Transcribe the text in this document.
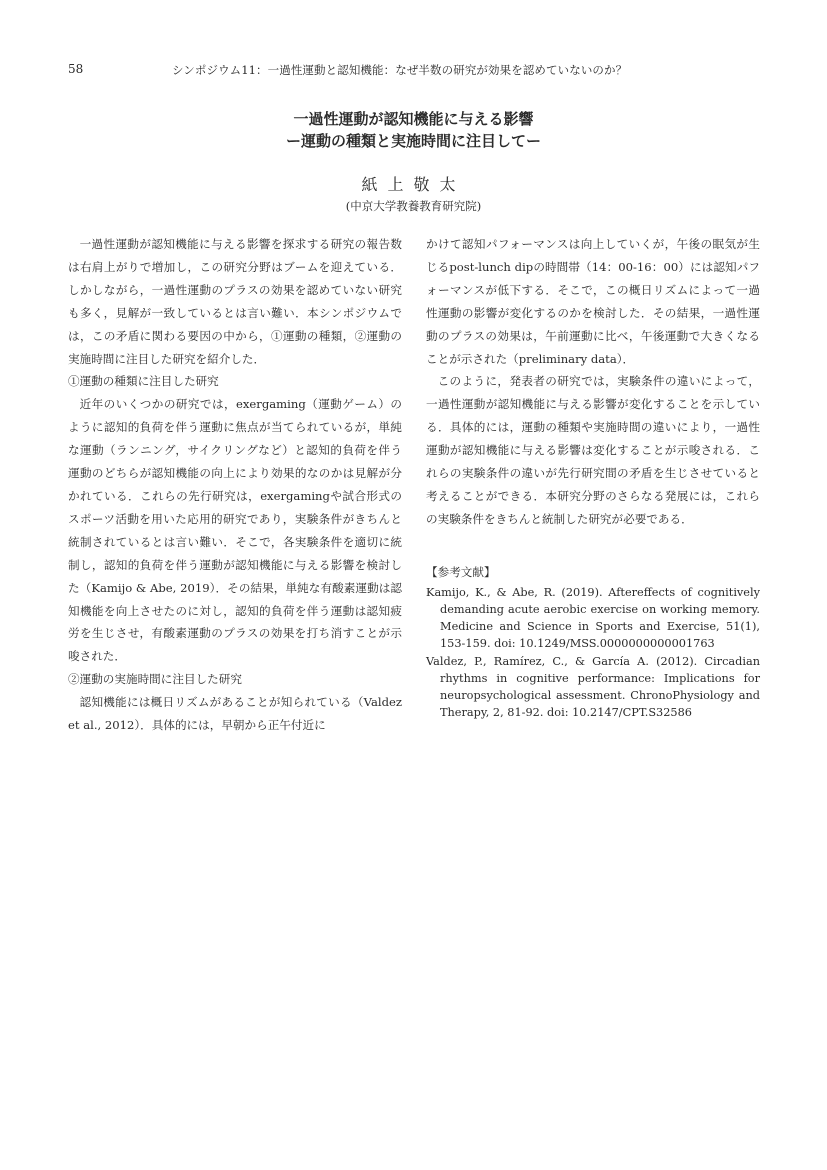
58	シンポジウム11：一過性運動と認知機能：なぜ半数の研究が効果を認めていないのか？

一過性運動が認知機能に与える影響

ー運動の種類と実施時間に注目してー

紙上敬太
(中京大学教養教育研究院)

一過性運動が認知機能に与える影響を探求する研究の報告数は右肩上がりで増加し，この研究分野はブームを迎えている．しかしながら，一過性運動のプラスの効果を認めていない研究も多く，見解が一致しているとは言い難い．本シンポジウムでは，この矛盾に関わる要因の中から，①運動の種類，②運動の実施時間に注目した研究を紹介した．

①運動の種類に注目した研究

近年のいくつかの研究では，exergaming（運動ゲーム）のように認知的負荷を伴う運動に焦点が当てられているが，単純な運動（ランニング，サイクリングなど）と認知的負荷を伴う運動のどちらが認知機能の向上により効果的なのかは見解が分かれている．これらの先行研究は，exergamingや試合形式のスポーツ活動を用いた応用的研究であり，実験条件がきちんと統制されているとは言い難い．そこで，各実験条件を適切に統制し，認知的負荷を伴う運動が認知機能に与える影響を検討した（Kamijo & Abe, 2019）．その結果，単純な有酸素運動は認知機能を向上させたのに対し，認知的負荷を伴う運動は認知疲労を生じさせ，有酸素運動のプラスの効果を打ち消すことが示唆された．

②運動の実施時間に注目した研究

認知機能には概日リズムがあることが知られている（Valdez et al., 2012）．具体的には，早朝から正午付近に

かけて認知パフォーマンスは向上していくが，午後の眠気が生じるpost-lunch dipの時間帯（14：00-16：00）には認知パフォーマンスが低下する．そこで，この概日リズムによって一過性運動の影響が変化するのかを検討した．その結果，一過性運動のプラスの効果は，午前運動に比べ，午後運動で大きくなることが示された（preliminary data）．

このように，発表者の研究では，実験条件の違いによって，一過性運動が認知機能に与える影響が変化することを示している．具体的には，運動の種類や実施時間の違いにより，一過性運動が認知機能に与える影響は変化することが示唆される．これらの実験条件の違いが先行研究間の矛盾を生じさせていると考えることができる．本研究分野のさらなる発展には，これらの実験条件をきちんと統制した研究が必要である．

【参考文献】

Kamijo, K., & Abe, R. (2019). Aftereffects of cognitively demanding acute aerobic exercise on working memory. Medicine and Science in Sports and Exercise, 51(1), 153-159. doi: 10.1249/MSS.0000000000001763

Valdez, P., Ramírez, C., & García A. (2012). Circadian rhythms in cognitive performance: Implications for neuropsychological assessment. ChronoPhysiology and Therapy, 2, 81-92. doi: 10.2147/CPT.S32586
